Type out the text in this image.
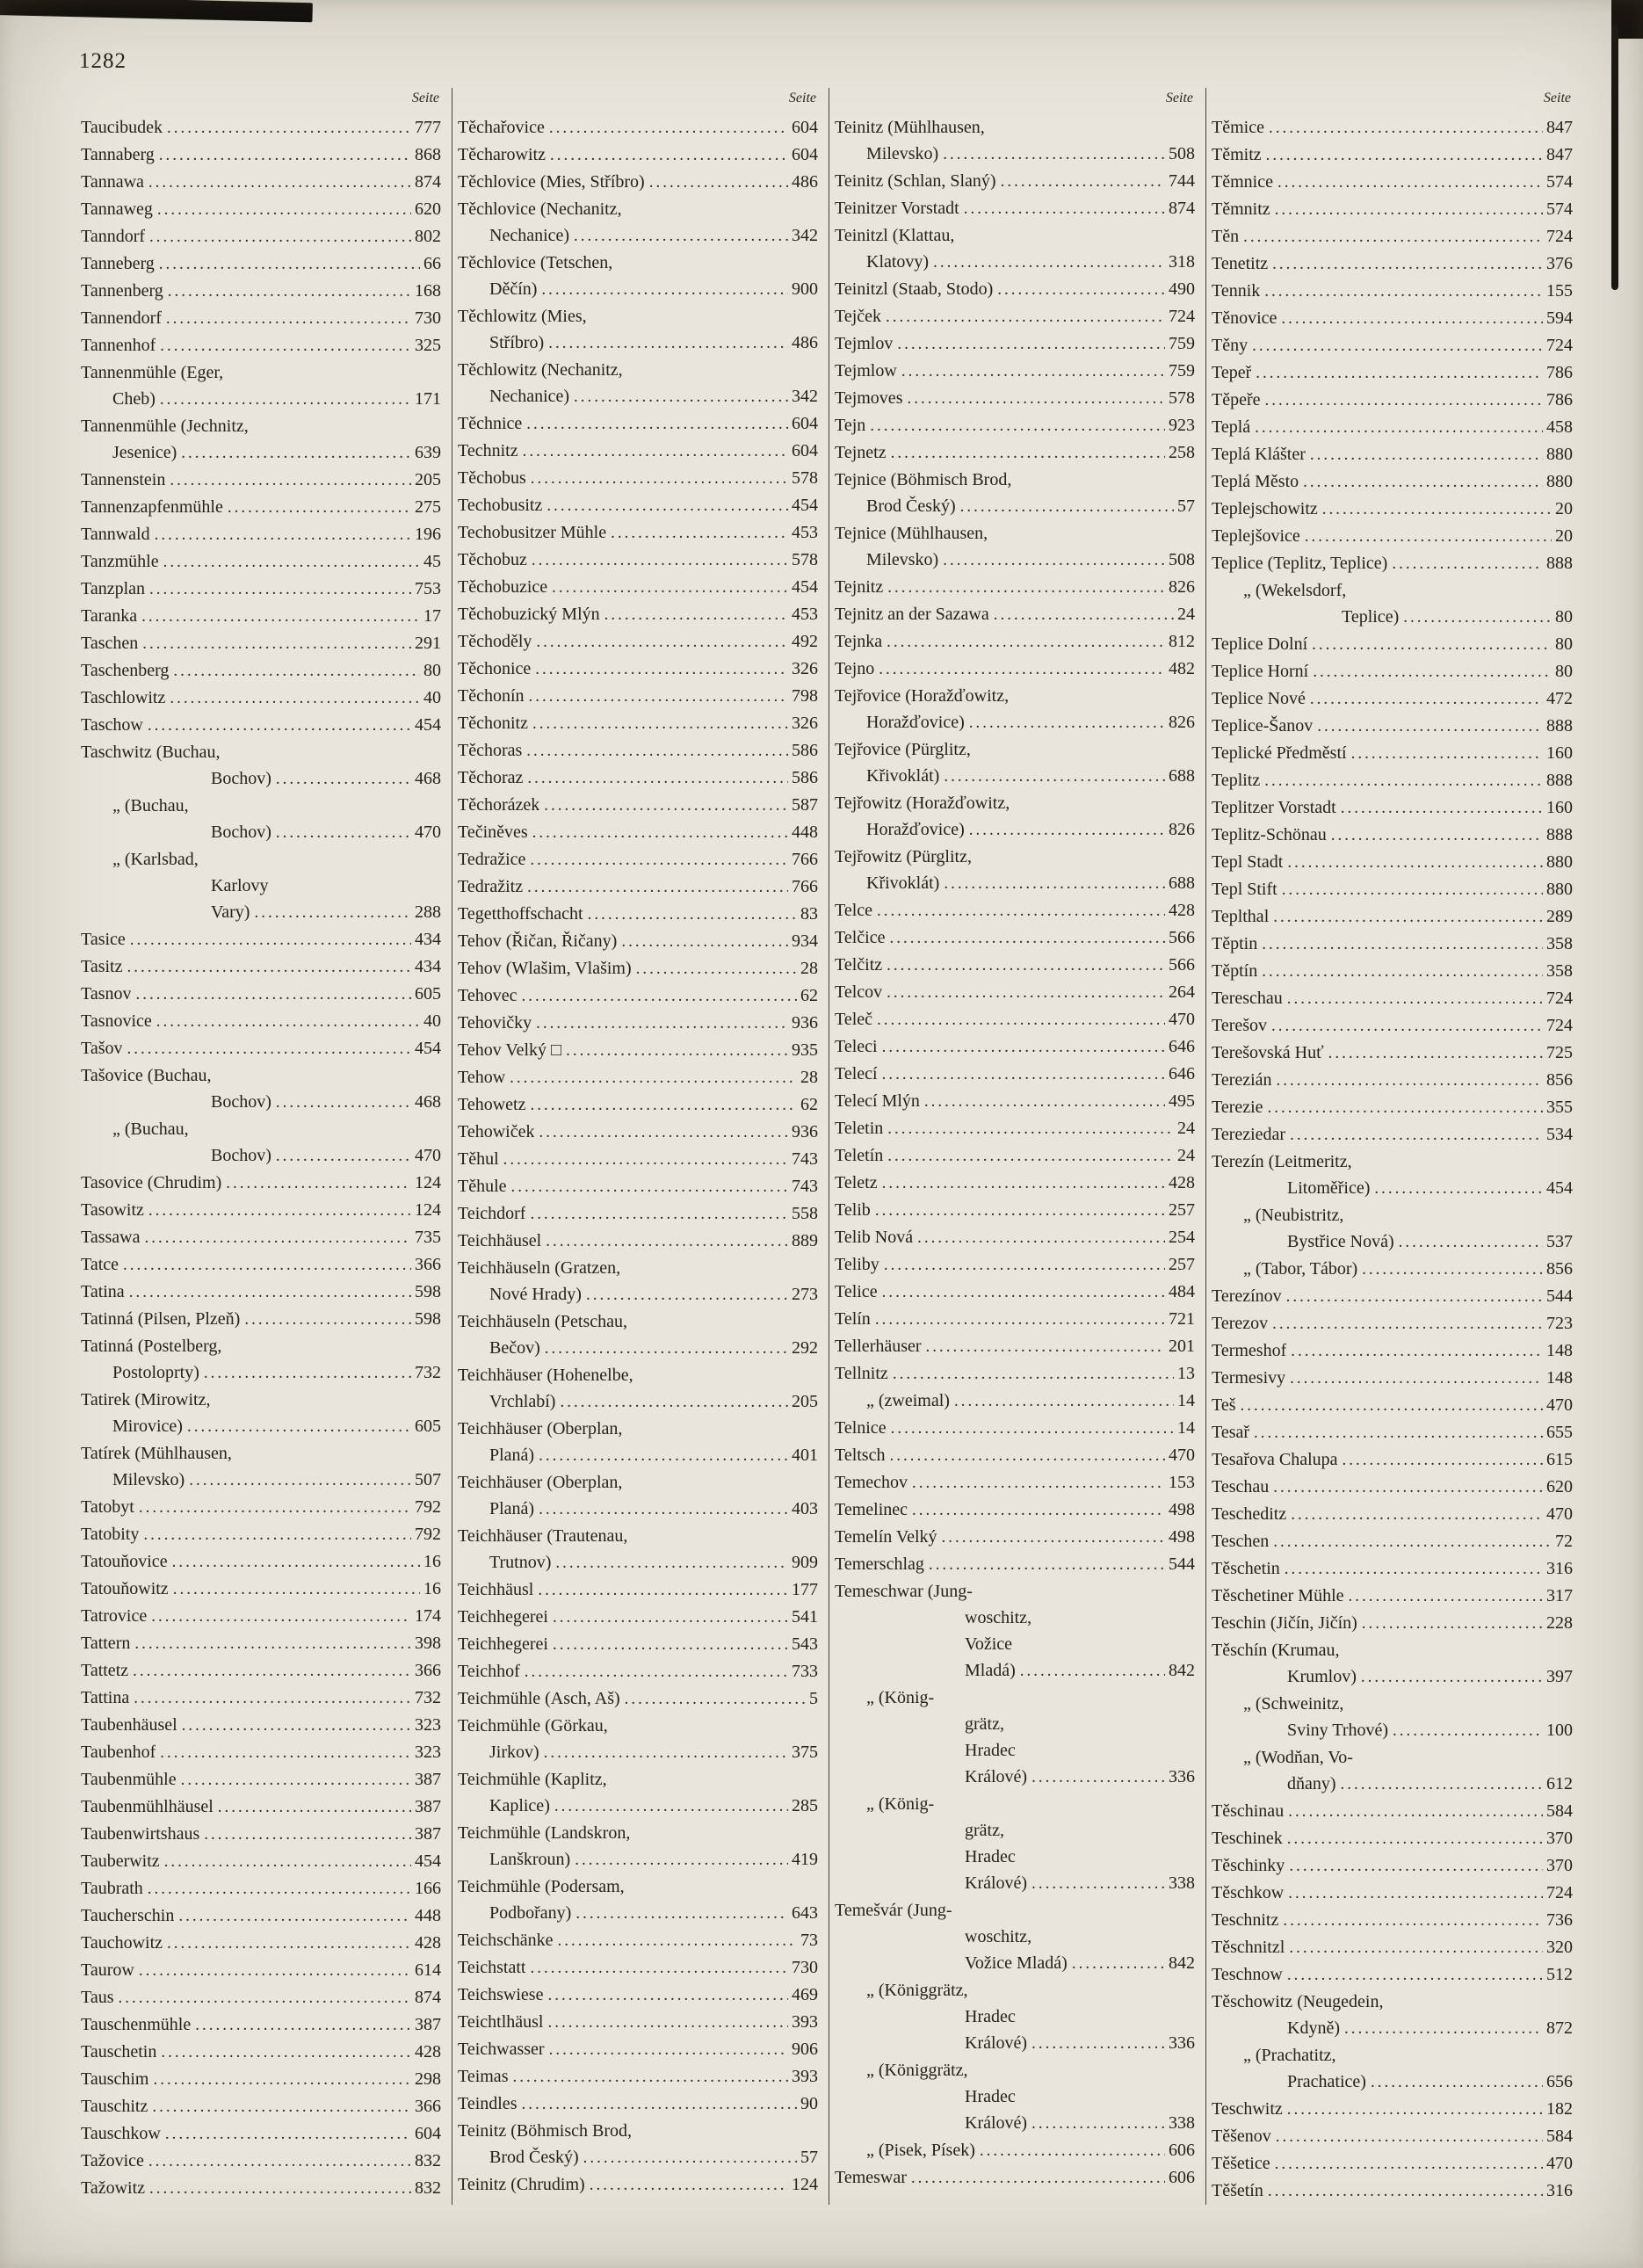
1282
Seite
Taucibudek .....	777
Tannaberg .....	868
Tannawa .....	874
Tannaweg .....	620
Tanndorf .....	802
Tanneberg .....	66
Tannenberg .....	168
Tannendorf .....	730
Tannenhof .....	325
Tannenmühle (Eger,
Cheb) .....	171
Tannenmühle (Jechnitz,
Jesenice) .....	639
Tannenstein .....	205
Tannenzapfenmühle .....	275
Tannwald .....	196
Tanzmühle .....	45
Tanzplan .....	753
Taranka .....	17
Taschen .....	291
Taschenberg .....	80
Taschlowitz .....	40
Taschow .....	454
Taschwitz (Buchau,
Bochov) .....	468
„ (Buchau,
Bochov) .....	470
„ (Karlsbad,
Karlovy
Vary) .....	288
Tasice .....	434
Tasitz .....	434
Tasnov .....	605
Tasnovice .....	40
Tašov .....	454
Tašovice (Buchau,
Bochov) .....	468
„ (Buchau,
Bochov) .....	470
Tasovice (Chrudim) .....	124
Tasowitz .....	124
Tassawa .....	735
Tatce .....	366
Tatina .....	598
Tatinná (Pilsen, Plzeň) .....	598
Tatinná (Postelberg,
Postoloprty) .....	732
Tatirek (Mirowitz,
Mirovice) .....	605
Tatírek (Mühlhausen,
Milevsko) .....	507
Tatobyt .....	792
Tatobity .....	792
Tatouňovice .....	16
Tatouňowitz .....	16
Tatrovice .....	174
Tattern .....	398
Tattetz .....	366
Tattina .....	732
Taubenhäusel .....	323
Taubenhof .....	323
Taubenmühle .....	387
Taubenmühlhäusel .....	387
Taubenwirtshaus .....	387
Tauberwitz .....	454
Taubrath .....	166
Taucherschin .....	448
Tauchowitz .....	428
Taurow .....	614
Taus .....	874
Tauschenmühle .....	387
Tauschetin .....	428
Tauschim .....	298
Tauschitz .....	366
Tauschkow .....	604
Tažovice .....	832
Tažowitz .....	832
Seite
Těchařovice .....	604
Těcharowitz .....	604
Těchlovice (Mies, Stříbro) .....	486
Těchlovice (Nechanitz,
Nechanice) .....	342
Těchlovice (Tetschen,
Děčín) .....	900
Těchlowitz (Mies,
Stříbro) .....	486
Těchlowitz (Nechanitz,
Nechanice) .....	342
Těchnice .....	604
Technitz .....	604
Těchobus .....	578
Techobusitz .....	454
Techobusitzer Mühle .....	453
Těchobuz .....	578
Těchobuzice .....	454
Těchobuzický Mlýn .....	453
Těchoděly .....	492
Těchonice .....	326
Těchonín .....	798
Těchonitz .....	326
Těchoras .....	586
Těchoraz .....	586
Těchorázek .....	587
Tečiněves .....	448
Tedražice .....	766
Tedražitz .....	766
Tegetthoffschacht .....	83
Tehov (Řičan, Řičany) .....	934
Tehov (Wlašim, Vlašim) .....	28
Tehovec .....	62
Tehovičky .....	936
Tehov Velký □ .....	935
Tehow .....	28
Tehowetz .....	62
Tehowiček .....	936
Těhul .....	743
Těhule .....	743
Teichdorf .....	558
Teichhäusel .....	889
Teichhäuseln (Gratzen,
Nové Hrady) .....	273
Teichhäuseln (Petschau,
Bečov) .....	292
Teichhäuser (Hohenelbe,
Vrchlabí) .....	205
Teichhäuser (Oberplan,
Planá) .....	401
Teichhäuser (Oberplan,
Planá) .....	403
Teichhäuser (Trautenau,
Trutnov) .....	909
Teichhäusl .....	177
Teichhegerei .....	541
Teichhegerei .....	543
Teichhof .....	733
Teichmühle (Asch, Aš) .....	5
Teichmühle (Görkau,
Jirkov) .....	375
Teichmühle (Kaplitz,
Kaplice) .....	285
Teichmühle (Landskron,
Lanškroun) .....	419
Teichmühle (Podersam,
Podbořany) .....	643
Teichschänke .....	73
Teichstatt .....	730
Teichswiese .....	469
Teichtlhäusl .....	393
Teichwasser .....	906
Teimas .....	393
Teindles .....	90
Teinitz (Böhmisch Brod,
Brod Český) .....	57
Teinitz (Chrudim) .....	124
Seite
Teinitz (Mühlhausen,
Milevsko) .....	508
Teinitz (Schlan, Slaný) .....	744
Teinitzer Vorstadt .....	874
Teinitzl (Klattau,
Klatovy) .....	318
Teinitzl (Staab, Stodo) .....	490
Tejček .....	724
Tejmlov .....	759
Tejmlow .....	759
Tejmoves .....	578
Tejn .....	923
Tejnetz .....	258
Tejnice (Böhmisch Brod,
Brod Český) .....	57
Tejnice (Mühlhausen,
Milevsko) .....	508
Tejnitz .....	826
Tejnitz an der Sazawa .....	24
Tejnka .....	812
Tejno .....	482
Tejřovice (Horažďowitz,
Horažďovice) .....	826
Tejřovice (Pürglitz,
Křivoklát) .....	688
Tejřowitz (Horažďowitz,
Horažďovice) .....	826
Tejřowitz (Pürglitz,
Křivoklát) .....	688
Telce .....	428
Telčice .....	566
Telčitz .....	566
Telcov .....	264
Teleč .....	470
Teleci .....	646
Telecí .....	646
Telecí Mlýn .....	495
Teletin .....	24
Teletín .....	24
Teletz .....	428
Telib .....	257
Telib Nová .....	254
Teliby .....	257
Telice .....	484
Telín .....	721
Tellerhäuser .....	201
Tellnitz .....	13
„ (zweimal) .....	14
Telnice .....	14
Teltsch .....	470
Temechov .....	153
Temelinec .....	498
Temelín Velký .....	498
Temerschlag .....	544
Temeschwar (Jung-
woschitz,
Vožice
Mladá) .....	842
„ (König-
grätz,
Hradec
Králové) .....	336
„ (König-
grätz,
Hradec
Králové) .....	338
Temešvár (Jung-
woschitz,
Vožice Mladá) .....	842
„ (Königgrätz,
Hradec
Králové) .....	336
„ (Königgrätz,
Hradec
Králové) .....	338
„ (Pisek, Písek) .....	606
Temeswar .....	606
Seite
Těmice .....	847
Těmitz .....	847
Těmnice .....	574
Těmnitz .....	574
Těn .....	724
Tenetitz .....	376
Tennik .....	155
Těnovice .....	594
Těny .....	724
Tepeř .....	786
Těpeře .....	786
Teplá .....	458
Teplá Klášter .....	880
Teplá Město .....	880
Teplejschowitz .....	20
Teplejšovice .....	20
Teplice (Teplitz, Teplice) .....	888
„ (Wekelsdorf,
Teplice) .....	80
Teplice Dolní .....	80
Teplice Horní .....	80
Teplice Nové .....	472
Teplice-Šanov .....	888
Teplické Předměstí .....	160
Teplitz .....	888
Teplitzer Vorstadt .....	160
Teplitz-Schönau .....	888
Tepl Stadt .....	880
Tepl Stift .....	880
Teplthal .....	289
Těptin .....	358
Těptín .....	358
Tereschau .....	724
Terešov .....	724
Terešovská Huť .....	725
Terezián .....	856
Terezie .....	355
Tereziedar .....	534
Terezín (Leitmeritz,
Litoměřice) .....	454
„ (Neubistritz,
Bystřice Nová) .....	537
„ (Tabor, Tábor) .....	856
Terezínov .....	544
Terezov .....	723
Termeshof .....	148
Termesivy .....	148
Teš .....	470
Tesař .....	655
Tesařova Chalupa .....	615
Teschau .....	620
Tescheditz .....	470
Teschen .....	72
Těschetin .....	316
Těschetiner Mühle .....	317
Teschin (Jičín, Jičín) .....	228
Těschín (Krumau,
Krumlov) .....	397
„ (Schweinitz,
Sviny Trhové) .....	100
„ (Wodňan, Vo-
dňany) .....	612
Těschinau .....	584
Teschinek .....	370
Těschinky .....	370
Těschkow .....	724
Teschnitz .....	736
Těschnitzl .....	320
Teschnow .....	512
Těschowitz (Neugedein,
Kdyně) .....	872
„ (Prachatitz,
Prachatice) .....	656
Teschwitz .....	182
Těšenov .....	584
Těšetice .....	470
Těšetín .....	316
